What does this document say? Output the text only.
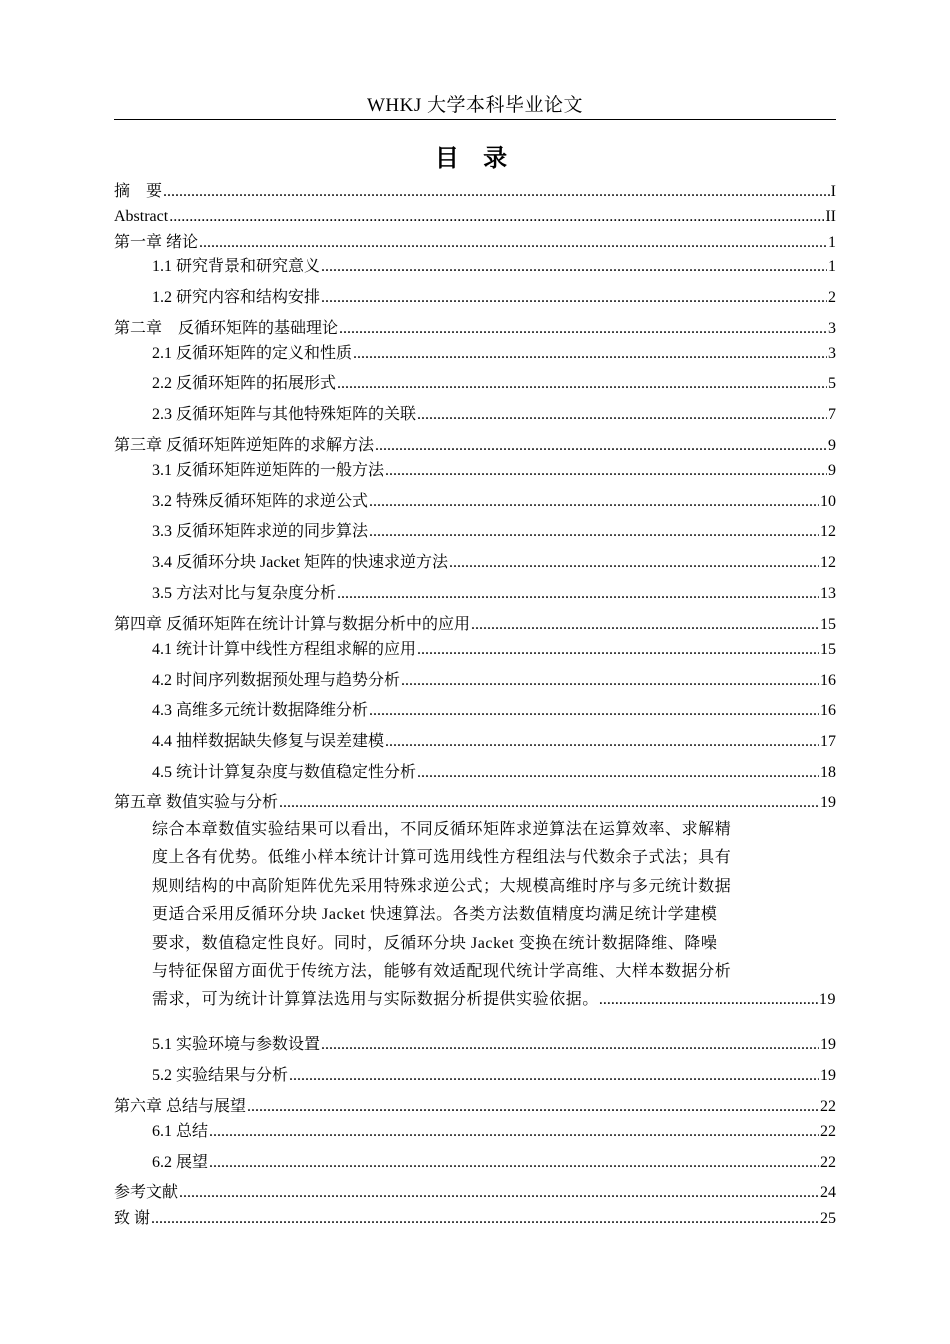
WHKJ 大学本科毕业论文
目 录
摘　要 .....	I
Abstract .....	II
第一章 绪论 .....	1
1.1 研究背景和研究意义 .....	1
1.2 研究内容和结构安排 .....	2
第二章　反循环矩阵的基础理论 .....	3
2.1 反循环矩阵的定义和性质 .....	3
2.2 反循环矩阵的拓展形式 .....	5
2.3 反循环矩阵与其他特殊矩阵的关联 .....	7
第三章 反循环矩阵逆矩阵的求解方法 .....	9
3.1 反循环矩阵逆矩阵的一般方法 .....	9
3.2 特殊反循环矩阵的求逆公式 .....	10
3.3 反循环矩阵求逆的同步算法 .....	12
3.4 反循环分块 Jacket 矩阵的快速求逆方法 .....	12
3.5 方法对比与复杂度分析 .....	13
第四章 反循环矩阵在统计计算与数据分析中的应用 .....	15
4.1 统计计算中线性方程组求解的应用 .....	15
4.2 时间序列数据预处理与趋势分析 .....	16
4.3 高维多元统计数据降维分析 .....	16
4.4 抽样数据缺失修复与误差建模 .....	17
4.5 统计计算复杂度与数值稳定性分析 .....	18
第五章 数值实验与分析 .....	19
综合本章数值实验结果可以看出，不同反循环矩阵求逆算法在运算效率、求解精
度上各有优势。低维小样本统计计算可选用线性方程组法与代数余子式法；具有
规则结构的中高阶矩阵优先采用特殊求逆公式；大规模高维时序与多元统计数据
更适合采用反循环分块 Jacket 快速算法。各类方法数值精度均满足统计学建模
要求，数值稳定性良好。同时，反循环分块 Jacket 变换在统计数据降维、降噪
与特征保留方面优于传统方法，能够有效适配现代统计学高维、大样本数据分析
需求，可为统计计算算法选用与实际数据分析提供实验依据。 .....	19
5.1 实验环境与参数设置 .....	19
5.2 实验结果与分析 .....	19
第六章 总结与展望 .....	22
6.1 总结 .....	22
6.2 展望 .....	22
参考文献 .....	24
致 谢 .....	25
